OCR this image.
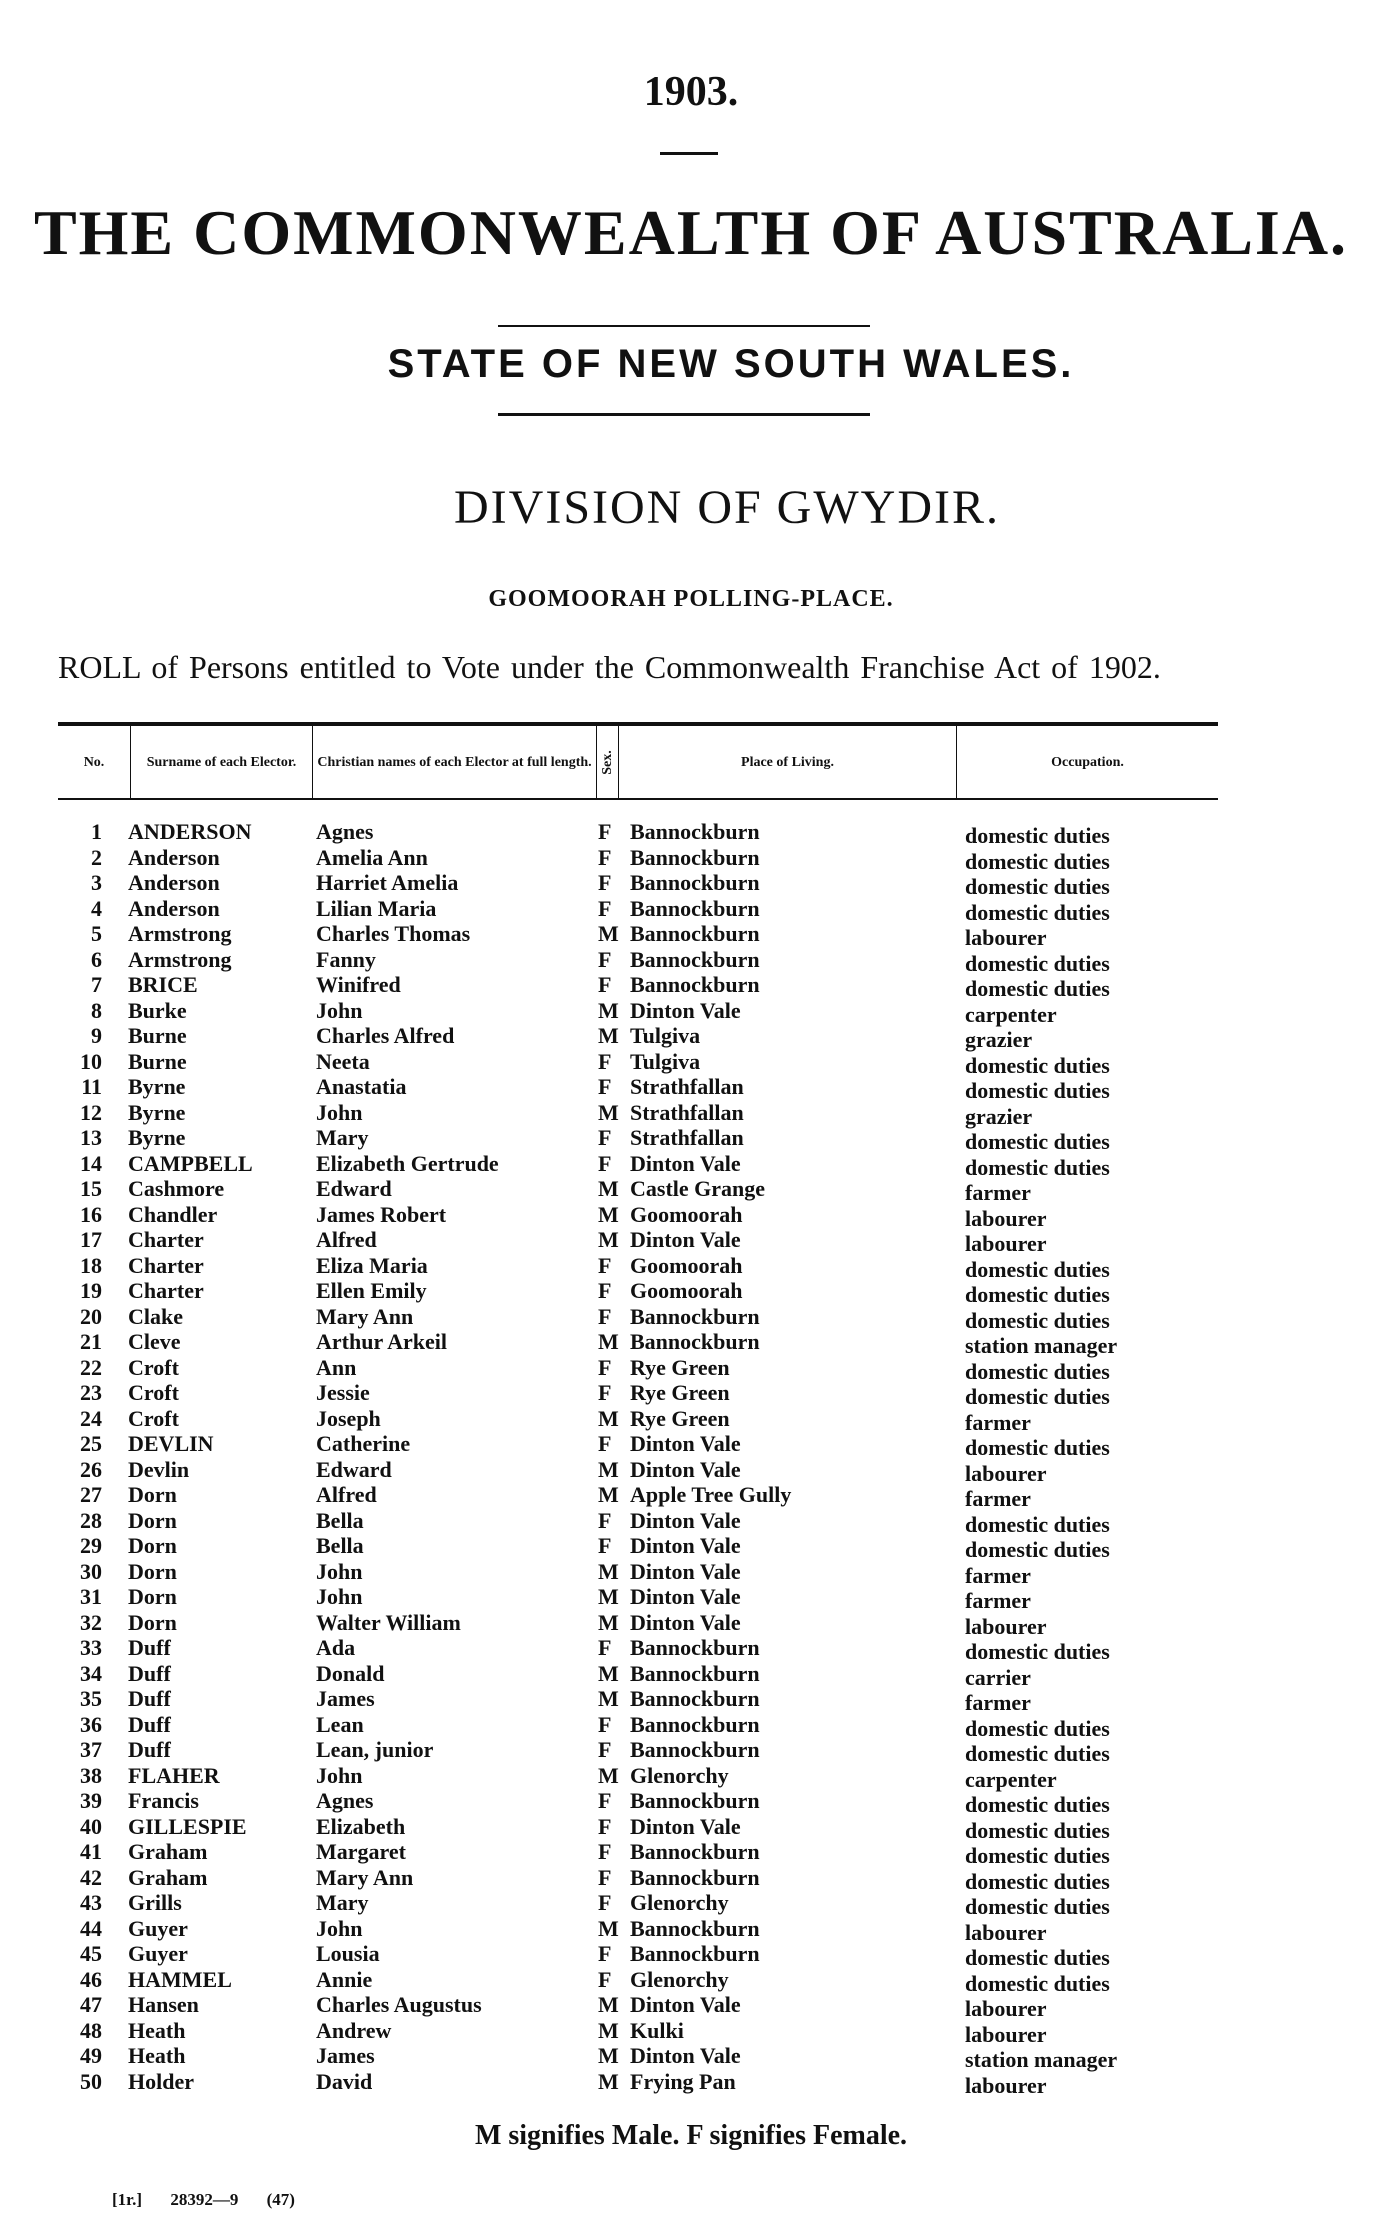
1903.
THE COMMONWEALTH OF AUSTRALIA.
STATE OF NEW SOUTH WALES.
DIVISION OF GWYDIR.
GOOMOORAH POLLING-PLACE.
ROLL of Persons entitled to Vote under the Commonwealth Franchise Act of 1902.
No.	Surname of each Elector.	Christian names of each Elector at full length. Sex.	Place of Living.	Occupation.
1 ANDERSON	Agnes	F Bannockburn	domestic duties
2 Anderson	Amelia Ann	F Bannockburn	domestic duties
3 Anderson	Harriet Amelia	F Bannockburn	domestic duties
4 Anderson	Lilian Maria	F Bannockburn	domestic duties
5 Armstrong	Charles Thomas	M Bannockburn	labourer
6 Armstrong	Fanny	F Bannockburn	domestic duties
7 BRICE	Winifred	F Bannockburn	domestic duties
8 Burke	John	M Dinton Vale	carpenter
9 Burne	Charles Alfred	M Tulgiva	grazier
10 Burne	Neeta	F Tulgiva	domestic duties
11 Byrne	Anastatia	F Strathfallan	domestic duties
12 Byrne	John	M Strathfallan	grazier
13 Byrne	Mary	F Strathfallan	domestic duties
14 CAMPBELL	Elizabeth Gertrude	F Dinton Vale	domestic duties
15 Cashmore	Edward	M Castle Grange	farmer
16 Chandler	James Robert	M Goomoorah	labourer
17 Charter	Alfred	M Dinton Vale	labourer
18 Charter	Eliza Maria	F Goomoorah	domestic duties
19 Charter	Ellen Emily	F Goomoorah	domestic duties
20 Clake	Mary Ann	F Bannockburn	domestic duties
21 Cleve	Arthur Arkeil	M Bannockburn	station manager
22 Croft	Ann	F Rye Green	domestic duties
23 Croft	Jessie	F Rye Green	domestic duties
24 Croft	Joseph	M Rye Green	farmer
25 DEVLIN	Catherine	F Dinton Vale	domestic duties
26 Devlin	Edward	M Dinton Vale	labourer
27 Dorn	Alfred	M Apple Tree Gully	farmer
28 Dorn	Bella	F Dinton Vale	domestic duties
29 Dorn	Bella	F Dinton Vale	domestic duties
30 Dorn	John	M Dinton Vale	farmer
31 Dorn	John	M Dinton Vale	farmer
32 Dorn	Walter William	M Dinton Vale	labourer
33 Duff	Ada	F Bannockburn	domestic duties
34 Duff	Donald	M Bannockburn	carrier
35 Duff	James	M Bannockburn	farmer
36 Duff	Lean	F Bannockburn	domestic duties
37 Duff	Lean, junior	F Bannockburn	domestic duties
38 FLAHER	John	M Glenorchy	carpenter
39 Francis	Agnes	F Bannockburn	domestic duties
40 GILLESPIE	Elizabeth	F Dinton Vale	domestic duties
41 Graham	Margaret	F Bannockburn	domestic duties
42 Graham	Mary Ann	F Bannockburn	domestic duties
43 Grills	Mary	F Glenorchy	domestic duties
44 Guyer	John	M Bannockburn	labourer
45 Guyer	Lousia	F Bannockburn	domestic duties
46 HAMMEL	Annie	F Glenorchy	domestic duties
47 Hansen	Charles Augustus	M Dinton Vale	labourer
48 Heath	Andrew	M Kulki	labourer
49 Heath	James	M Dinton Vale	station manager
50 Holder	David	M Frying Pan	labourer
M signifies Male. F signifies Female.
[1r.] 28392—9 (47)
